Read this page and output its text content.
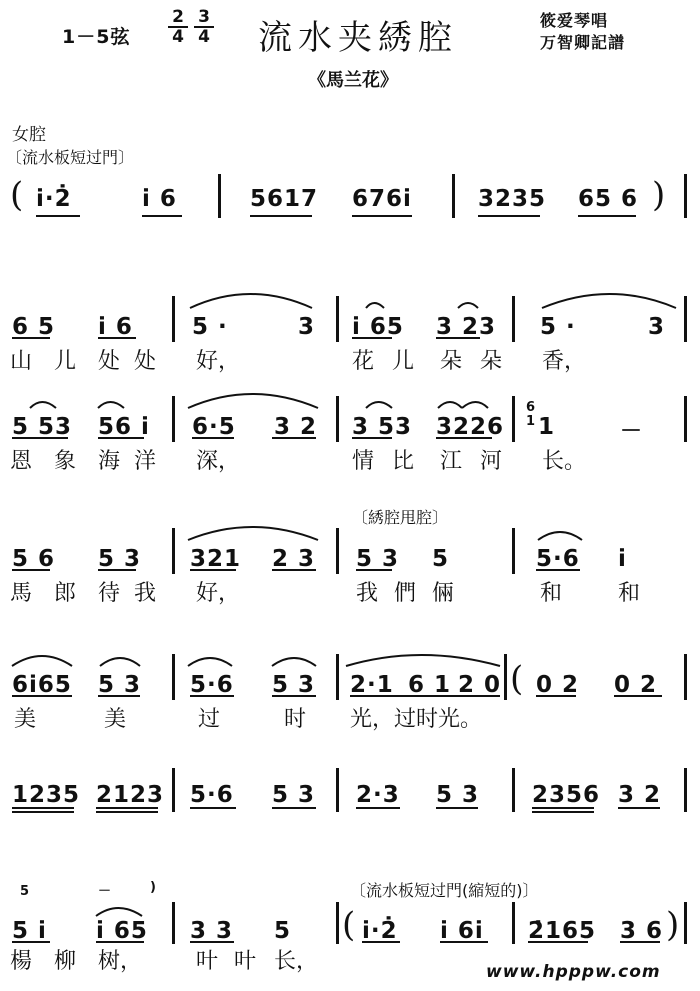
1－5弦 $\frac{2}{4} \frac{3}{4}$ 流水夹綉腔	筱爱琴唱
万智卿記譜
《馬兰花》
女腔
〔流水板短过門〕
( i̇·2̇	i̇ 6	5617 676i̇	3235 65 6 )
6 5 i̇ 6	5 ·	3 i̇ 65 3 23 5 ·	3
山儿 处处 好，	花儿 朵朵 香，
5 53 56 i̇ 6·5 3 2 3 53 3226
6
1 1	－
恩象 海洋 深，	情比 江河 长。
〔綉腔甩腔〕
5 6 5 3 321 2 3 5 3 5	5·6 i̇
馬郎 待我 好，	我們 倆	和	和
6i65 5 3 5·6 5 3 2·1 6 1 2 0 ( 0 2 0 2
美	美	过	时 光，过时光。
1235 2123 5·6 5 3 2·3 5 3 2356 3 2
5	－	)	〔流水板短过門(縮短的)〕
5 i̇ i̇ 65 3 3 5 ( i̇·2̇ i̇ 6i̇ 2̇165 3 6 )
楊柳 树， 叶叶 长，	www.hpppw.com
